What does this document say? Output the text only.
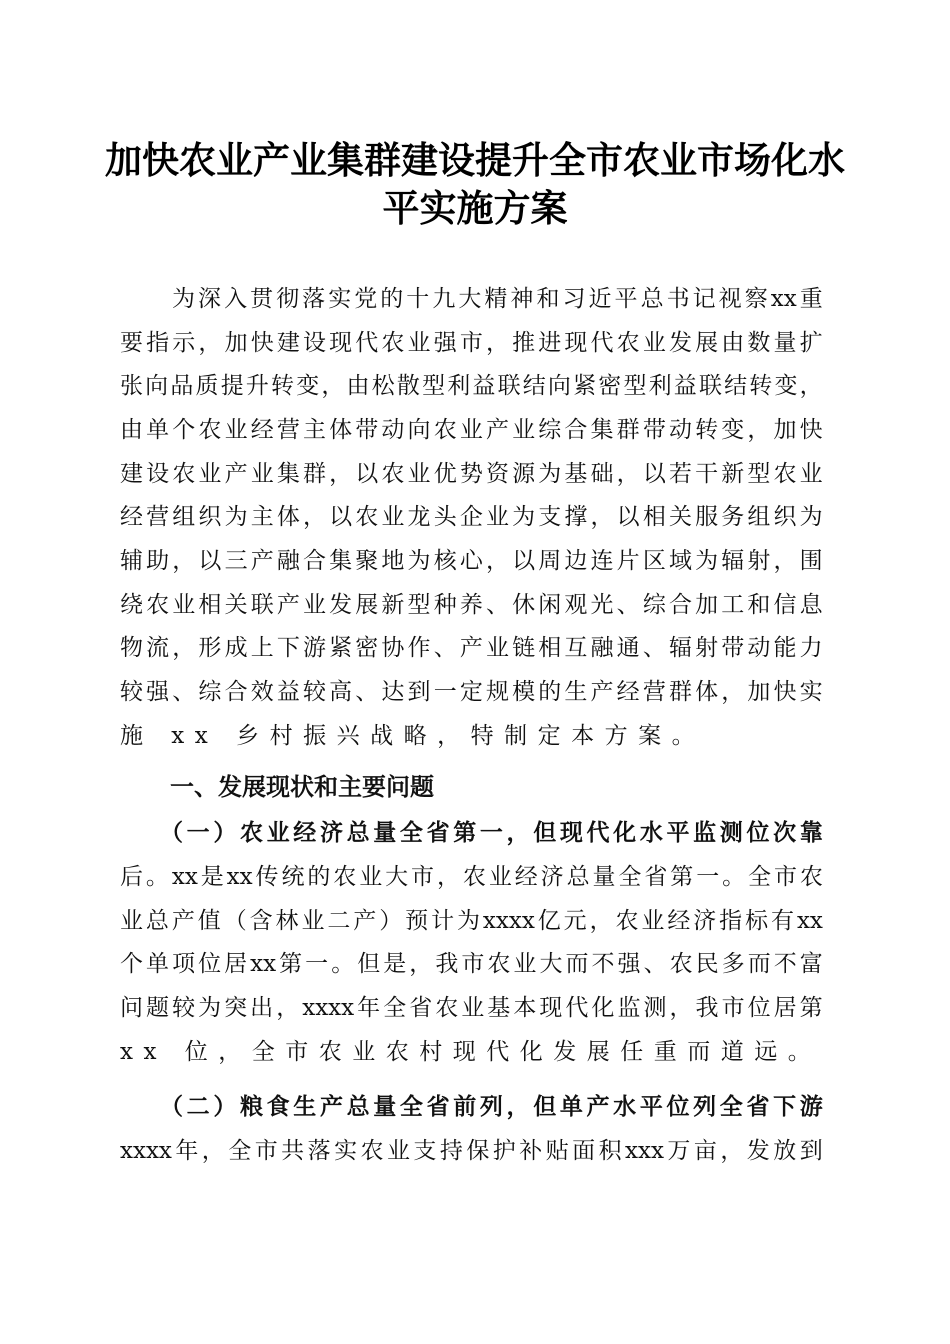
加快农业产业集群建设提升全市农业市场化水
平实施方案
为 深 入 贯 彻 落 实 党 的 十 九 大 精 神 和 习 近 平 总 书 记 视 察 xx 重
要 指 示 ， 加 快 建 设 现 代 农 业 强 市 ， 推 进 现 代 农 业 发 展 由 数 量 扩
张 向 品 质 提 升 转 变 ， 由 松 散 型 利 益 联 结 向 紧 密 型 利 益 联 结 转 变 ，
由 单 个 农 业 经 营 主 体 带 动 向 农 业 产 业 综 合 集 群 带 动 转 变 ， 加 快
建 设 农 业 产 业 集 群 ， 以 农 业 优 势 资 源 为 基 础 ， 以 若 干 新 型 农 业
经 营 组 织 为 主 体 ， 以 农 业 龙 头 企 业 为 支 撑 ， 以 相 关 服 务 组 织 为
辅 助 ， 以 三 产 融 合 集 聚 地 为 核 心 ， 以 周 边 连 片 区 域 为 辐 射 ， 围
绕 农 业 相 关 联 产 业 发 展 新 型 种 养 、 休 闲 观 光 、 综 合 加 工 和 信 息
物 流 ， 形 成 上 下 游 紧 密 协 作 、 产 业 链 相 互 融 通 、 辐 射 带 动 能 力
较 强 、 综 合 效 益 较 高 、 达 到 一 定 规 模 的 生 产 经 营 群 体 ， 加 快 实
施 xx 乡村振兴战略，特制定本方案。
一、发展现状和主要问题
（ 一 ） 农 业 经 济 总 量 全 省 第 一 ， 但 现 代 化 水 平 监 测 位 次 靠
后 。 xx 是 xx 传 统 的 农 业 大 市 ， 农 业 经 济 总 量 全 省 第 一 。 全 市 农
业 总 产 值 （ 含 林 业 二 产 ） 预 计 为 xxxx 亿 元 ， 农 业 经 济 指 标 有 xx
个 单 项 位 居 xx 第 一 。 但 是 ， 我 市 农 业 大 而 不 强 、 农 民 多 而 不 富
问 题 较 为 突 出 ， xxxx 年 全 省 农 业 基 本 现 代 化 监 测 ， 我 市 位 居 第
xx 位，全市农业农村现代化发展任重而道远。
（ 二 ） 粮 食 生 产 总 量 全 省 前 列 ， 但 单 产 水 平 位 列 全 省 下 游
xxxx 年 ， 全 市 共 落 实 农 业 支 持 保 护 补 贴 面 积 xxx 万 亩 ， 发 放 到
